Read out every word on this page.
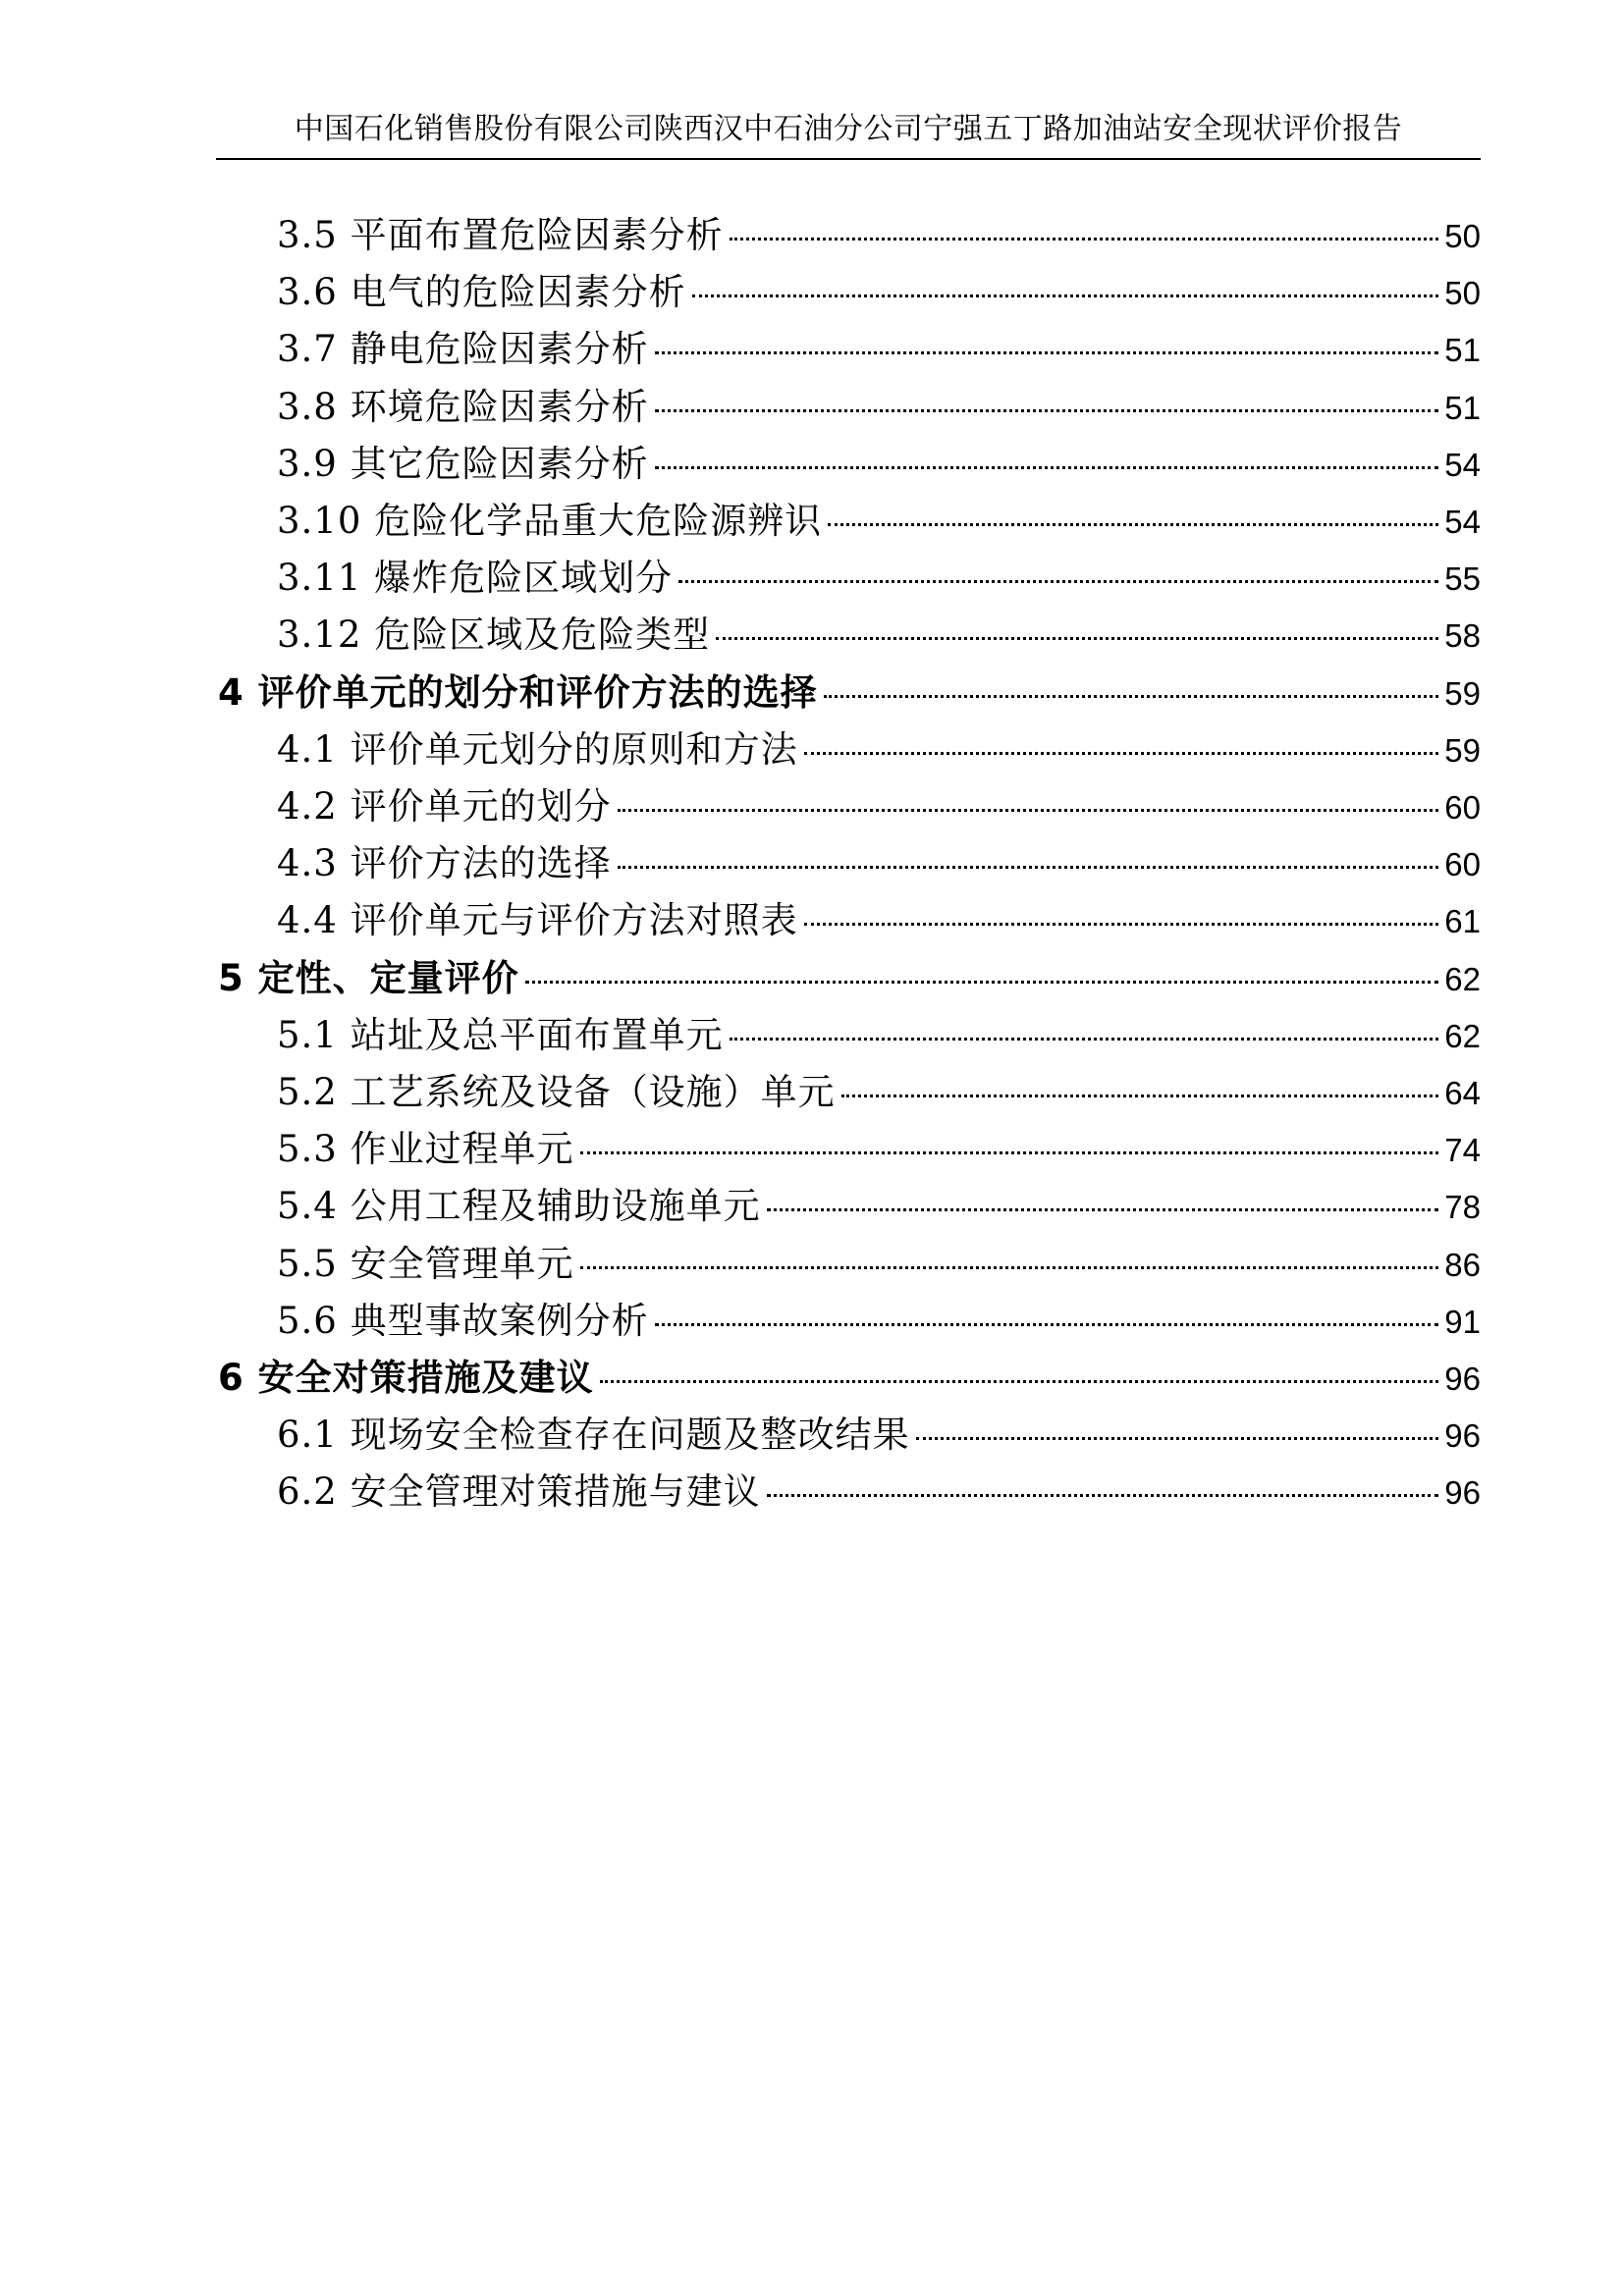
中国石化销售股份有限公司陕西汉中石油分公司宁强五丁路加油站安全现状评价报告
3.5 平面布置危险因素分析	50
3.6 电气的危险因素分析	50
3.7 静电危险因素分析	51
3.8 环境危险因素分析	51
3.9 其它危险因素分析	54
3.10 危险化学品重大危险源辨识	54
3.11 爆炸危险区域划分	55
3.12 危险区域及危险类型	58
4 评价单元的划分和评价方法的选择	59
4.1 评价单元划分的原则和方法	59
4.2 评价单元的划分	60
4.3 评价方法的选择	60
4.4 评价单元与评价方法对照表	61
5 定性、定量评价	62
5.1 站址及总平面布置单元	62
5.2 工艺系统及设备（设施）单元	64
5.3 作业过程单元	74
5.4 公用工程及辅助设施单元	78
5.5 安全管理单元	86
5.6 典型事故案例分析	91
6 安全对策措施及建议	96
6.1 现场安全检查存在问题及整改结果	96
6.2 安全管理对策措施与建议	96
